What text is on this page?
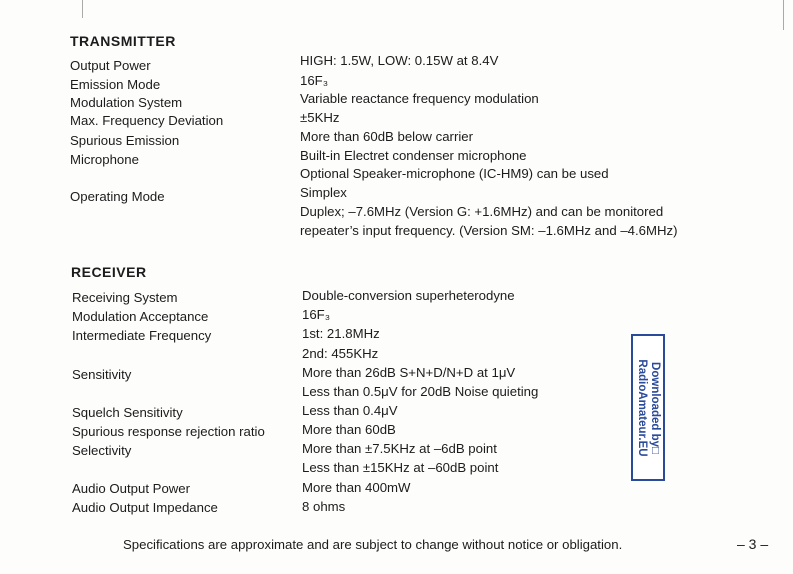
TRANSMITTER
Output Power	HIGH: 1.5W, LOW: 0.15W at 8.4V
Emission Mode	16F₃
Modulation System	Variable reactance frequency modulation
Max. Frequency Deviation	±5KHz
Spurious Emission	More than 60dB below carrier
Microphone	Built-in Electret condenser microphone
Optional Speaker-microphone (IC-HM9) can be used
Operating Mode	Simplex
Duplex; –7.6MHz (Version G: +1.6MHz) and can be monitored
repeater’s input frequency. (Version SM: –1.6MHz and –4.6MHz)
RECEIVER
Receiving System	Double-conversion superheterodyne
Modulation Acceptance	16F₃
Intermediate Frequency	1st: 21.8MHz
2nd: 455KHz
Sensitivity	More than 26dB S+N+D/N+D at 1μV
Less than 0.5μV for 20dB Noise quieting
Squelch Sensitivity	Less than 0.4μV
Spurious response rejection ratio	More than 60dB
Selectivity	More than ±7.5KHz at –6dB point
Less than ±15KHz at –60dB point
Audio Output Power	More than 400mW
Audio Output Impedance	8 ohms
Downloaded by□
RadioAmateur.EU
Specifications are approximate and are subject to change without notice or obligation.	– 3 –
